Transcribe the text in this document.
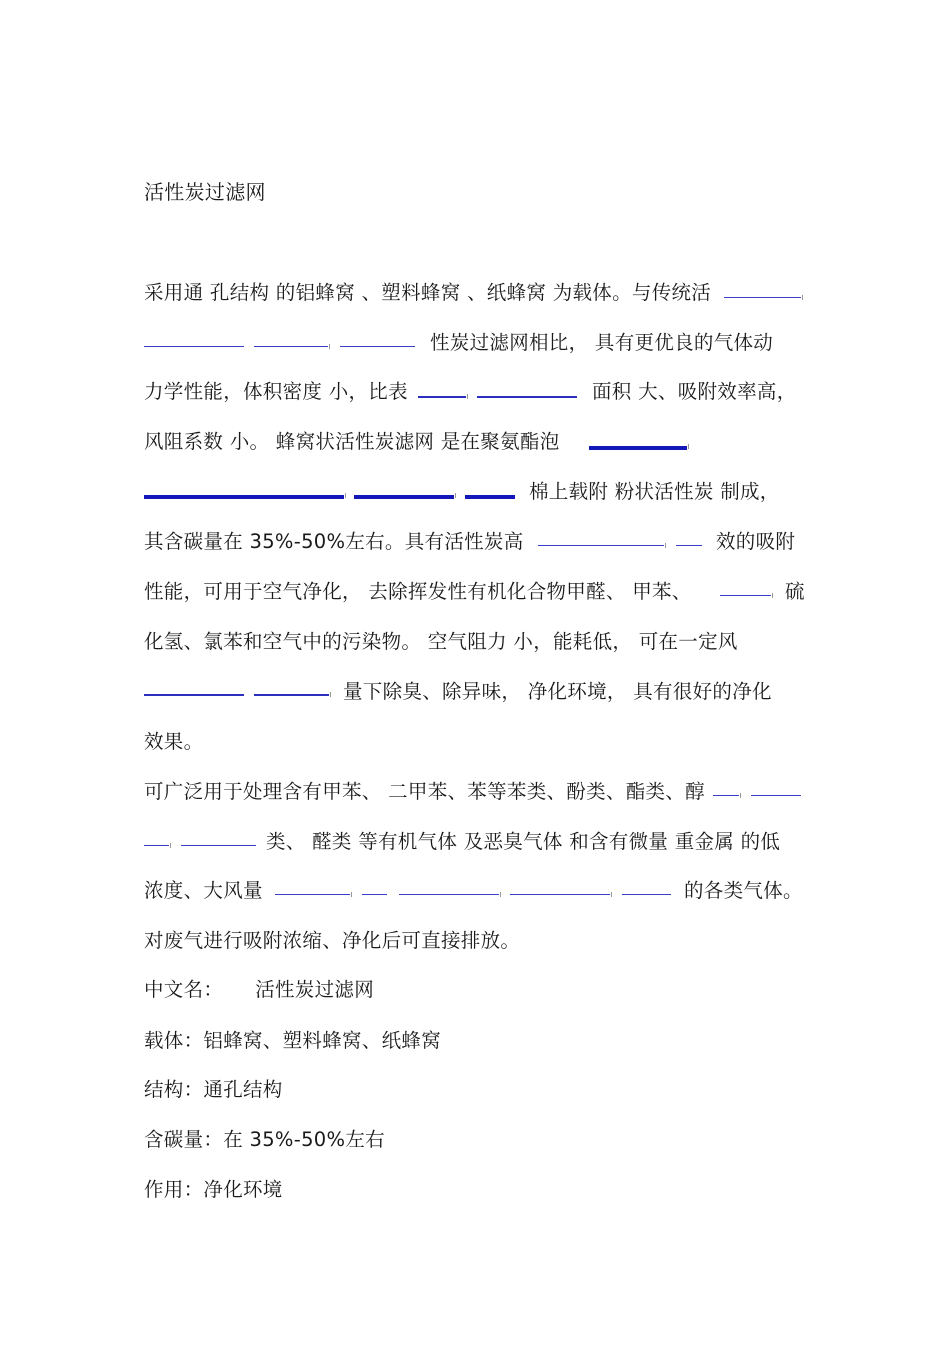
活性炭过滤网
采用通 孔结构 的铝蜂窝 、塑料蜂窝 、纸蜂窝 为载体。与传统活
性炭过滤网相比， 具有更优良的气体动
力学性能，体积密度 小，比表	面积 大、吸附效率高，
风阻系数 小。 蜂窝状活性炭滤网 是在聚氨酯泡
棉上载附 粉状活性炭 制成，
其含碳量在 35%-50%左右。具有活性炭高	效的吸附
性能，可用于空气净化， 去除挥发性有机化合物甲醛、 甲苯、	硫
化氢、氯苯和空气中的污染物。 空气阻力 小，能耗低， 可在一定风
量下除臭、除异味， 净化环境， 具有很好的净化
效果。
可广泛用于处理含有甲苯、 二甲苯、苯等苯类、酚类、酯类、醇
类、 醛类 等有机气体 及恶臭气体 和含有微量 重金属 的低
浓度、大风量	的各类气体。
对废气进行吸附浓缩、净化后可直接排放。
中文名： 活性炭过滤网
载体：铝蜂窝、塑料蜂窝、纸蜂窝
结构：通孔结构
含碳量：在 35%-50%左右
作用：净化环境
